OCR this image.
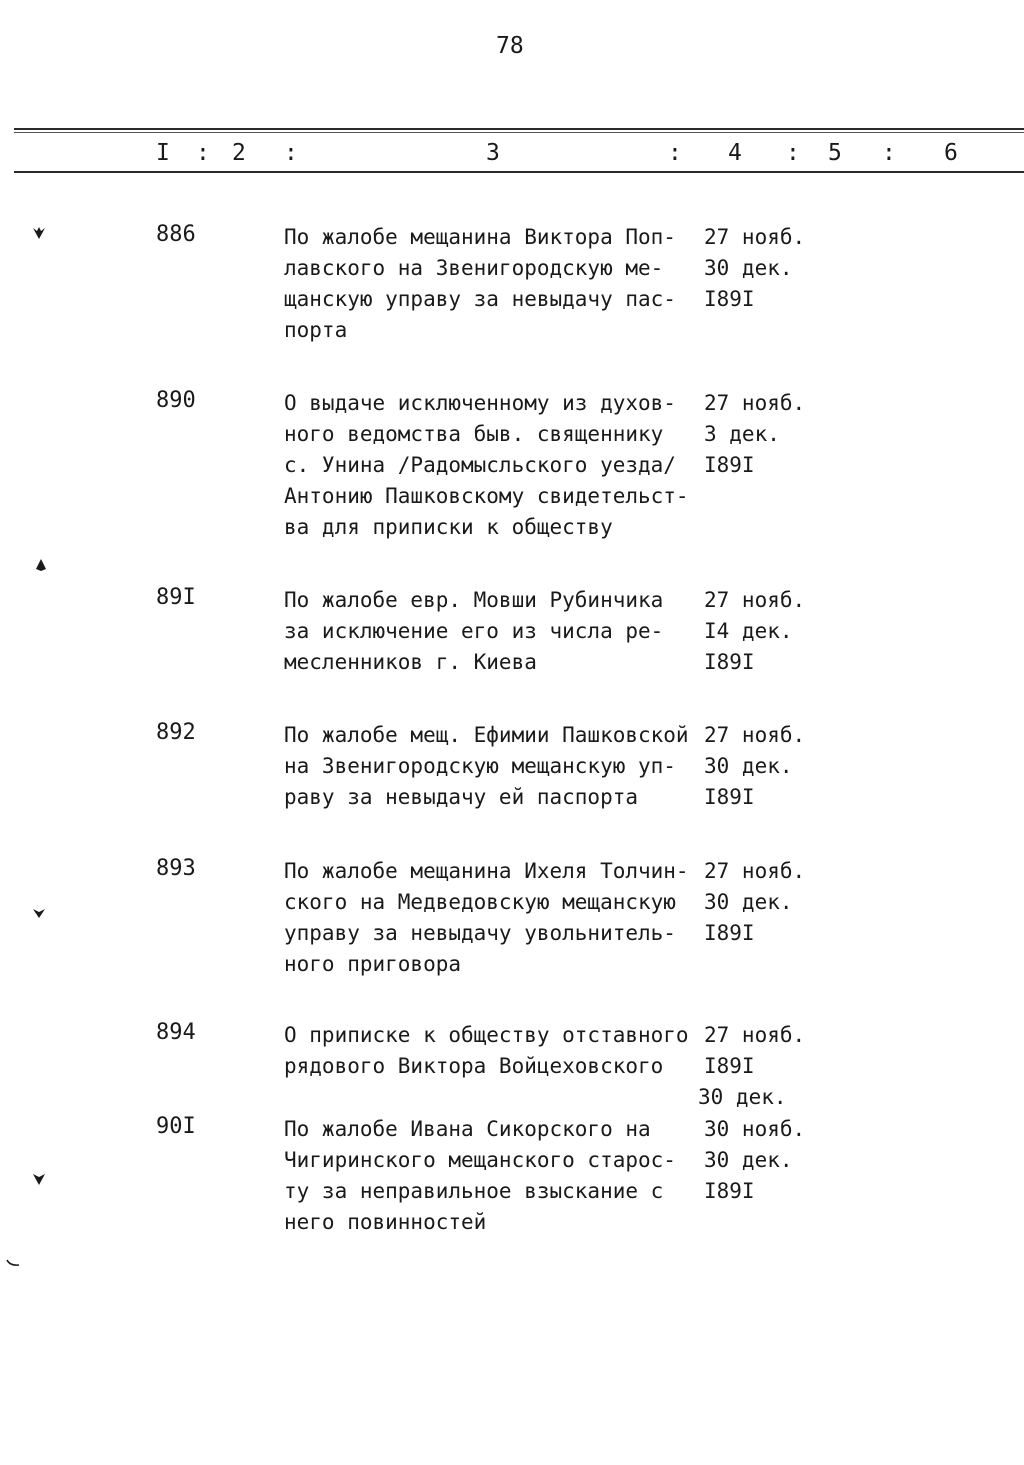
78
I : 2 :	3	: 4 : 5 : 6
886	По жалобе мещанина Виктора Поп-
лавского на Звенигородскую ме-
щанскую управу за невыдачу пас-
порта
27 нояб.
30 дек.
I89I
890	О выдаче исключенному из духов-
ного ведомства быв. священнику
с. Унина /Радомысльского уезда/
Антонию Пашковскому свидетельст-
ва для приписки к обществу
27 нояб.
3 дек.
I89I
89I	По жалобе евр. Мовши Рубинчика
за исключение его из числа ре-
месленников г. Киева
27 нояб.
I4 дек.
I89I
892	По жалобе мещ. Ефимии Пашковской
на Звенигородскую мещанскую уп-
раву за невыдачу ей паспорта
27 нояб.
30 дек.
I89I
893	По жалобе мещанина Ихеля Толчин-
ского на Медведовскую мещанскую
управу за невыдачу увольнитель-
ного приговора
27 нояб.
30 дек.
I89I
894	О приписке к обществу отставного
рядового Виктора Войцеховского
27 нояб.
I89I
30 дек.
90I	По жалобе Ивана Сикорского на
Чигиринского мещанского старос-
ту за неправильное взыскание с
него повинностей
30 нояб.
30 дек.
I89I
